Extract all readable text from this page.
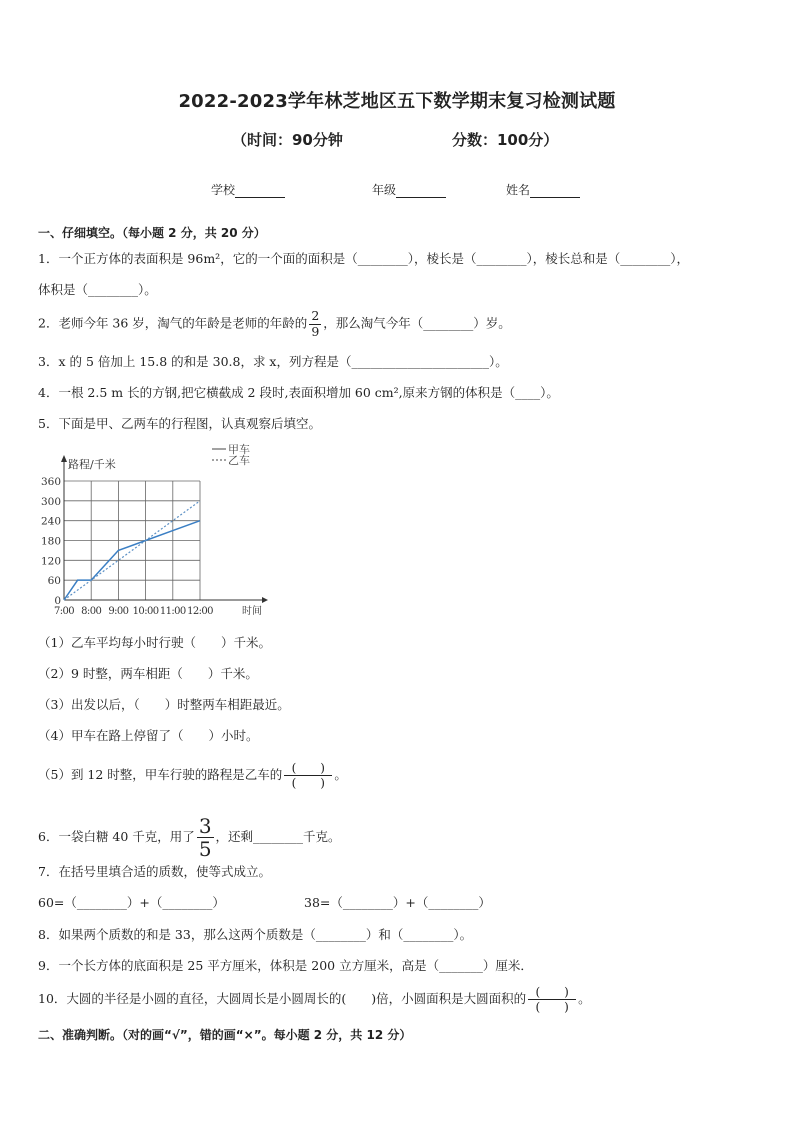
2022-2023学年林芝地区五下数学期末复习检测试题
（时间：90分钟	分数：100分）
学校	年级	姓名
一、仔细填空。（每小题 2 分，共 20 分）
1．一个正方体的表面积是 96m²，它的一个面的面积是（________），棱长是（________），棱长总和是（________），
体积是（________）。
2．老师今年 36 岁，淘气的年龄是老师的年龄的 $\frac{2}{9}$ ，那么淘气今年（________）岁。
3．x 的 5 倍加上 15.8 的和是 30.8，求 x，列方程是（______________________）。
4．一根 2.5 m 长的方钢,把它横截成 2 段时,表面积增加 60 cm²,原来方钢的体积是（____）。
5．下面是甲、乙两车的行程图，认真观察后填空。
路程/千米
时间
360
300
240
180
120
60
0
7:00 8:00 9:00 10:00 11:00 12:00
甲车
乙车
（1）乙车平均每小时行驶（　　）千米。
（2）9 时整，两车相距（　　）千米。
（3）出发以后，（　　）时整两车相距最近。
（4）甲车在路上停留了（　　）小时。
（5）到 12 时整，甲车行驶的路程是乙车的 $\frac{( )}{( )}$ 。
6．一袋白糖 40 千克，用了 $\frac{3}{5}$ ，还剩________千克。
7．在括号里填合适的质数，使等式成立。
60=（________）+（________）	38=（________）+（________）
8．如果两个质数的和是 33，那么这两个质数是（________）和（________）。
9．一个长方体的底面积是 25 平方厘米，体积是 200 立方厘米，高是（_______）厘米．
10．大圆的半径是小圆的直径，大圆周长是小圆周长的(　　)倍，小圆面积是大圆面积的 $\frac{( )}{( )}$ 。
二、准确判断。（对的画“√”，错的画“×”。每小题 2 分，共 12 分）
